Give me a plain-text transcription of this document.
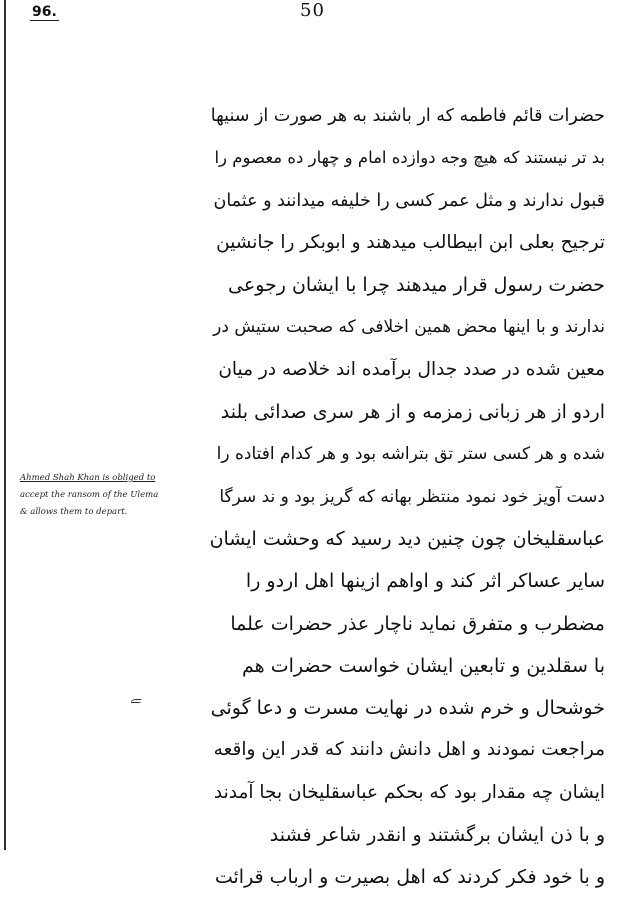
96.	50
Ahmed Shah Khan is obliged to
accept the ransom of the Ulema
& allows them to depart.
ﮯ
حضرات قائم فاطمه که ار باشند به هر صورت از سنیها
بد تر نیستند که هیچ وجه دوازده امام و چهار ده معصوم را
قبول ندارند و مثل عمر کسی را خلیفه میدانند و عثمان
ترجیح بعلی ابن ابیطالب میدهند و ابوبکر را جانشین
حضرت رسول قرار میدهند چرا با ایشان رجوعی
ندارند و با اینها محض همین اخلافی که صحبت ستیش در
معین شده در صدد جدال برآمده اند خلاصه در میان
اردو از هر زبانی زمزمه و از هر سری صدائی بلند
شده و هر کسی ستر تق بتراشه بود و هر کدام افتاده را
دست آویز خود نمود منتظر بهانه که گریز بود و ند سرگا
عباسقلیخان چون چنین دید رسید که وحشت ایشان
سایر عساکر اثر کند و اواهم ازینها اهل اردو را
مضطرب و متفرق نماید ناچار عذر حضرات علما
با سقلدین و تابعین ایشان خواست حضرات هم
خوشحال و خرم شده در نهایت مسرت و دعا گوئی
مراجعت نمودند و اهل دانش دانند که قدر این واقعه
ایشان چه مقدار بود که بحکم عباسقلیخان بجا آمدند
و با ذن ایشان برگشتند و انقدر شاعر فشند
و با خود فکر کردند که اهل بصیرت و ارباب قرائت
